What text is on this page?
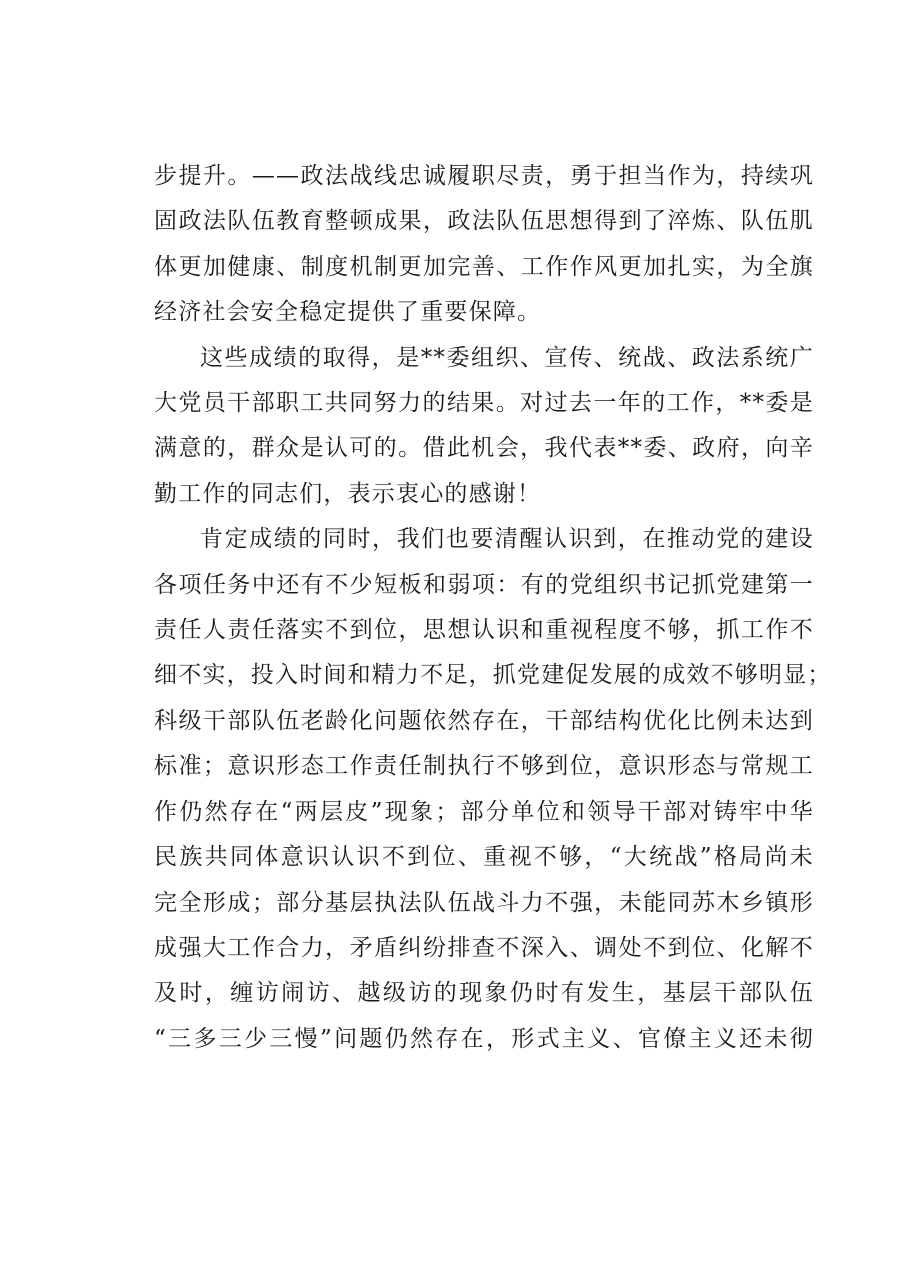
步提升。——政法战线忠诚履职尽责，勇于担当作为，持续巩
固政法队伍教育整顿成果，政法队伍思想得到了淬炼、队伍肌
体更加健康、制度机制更加完善、工作作风更加扎实，为全旗
经济社会安全稳定提供了重要保障。

这些成绩的取得，是**委组织、宣传、统战、政法系统广
大党员干部职工共同努力的结果。对过去一年的工作，**委是
满意的，群众是认可的。借此机会，我代表**委、政府，向辛
勤工作的同志们，表示衷心的感谢！

肯定成绩的同时，我们也要清醒认识到，在推动党的建设
各项任务中还有不少短板和弱项：有的党组织书记抓党建第一
责任人责任落实不到位，思想认识和重视程度不够，抓工作不
细不实，投入时间和精力不足，抓党建促发展的成效不够明显；
科级干部队伍老龄化问题依然存在，干部结构优化比例未达到
标准；意识形态工作责任制执行不够到位，意识形态与常规工
作仍然存在“两层皮”现象；部分单位和领导干部对铸牢中华
民族共同体意识认识不到位、重视不够，“大统战”格局尚未
完全形成；部分基层执法队伍战斗力不强，未能同苏木乡镇形
成强大工作合力，矛盾纠纷排查不深入、调处不到位、化解不
及时，缠访闹访、越级访的现象仍时有发生，基层干部队伍
“三多三少三慢”问题仍然存在，形式主义、官僚主义还未彻
